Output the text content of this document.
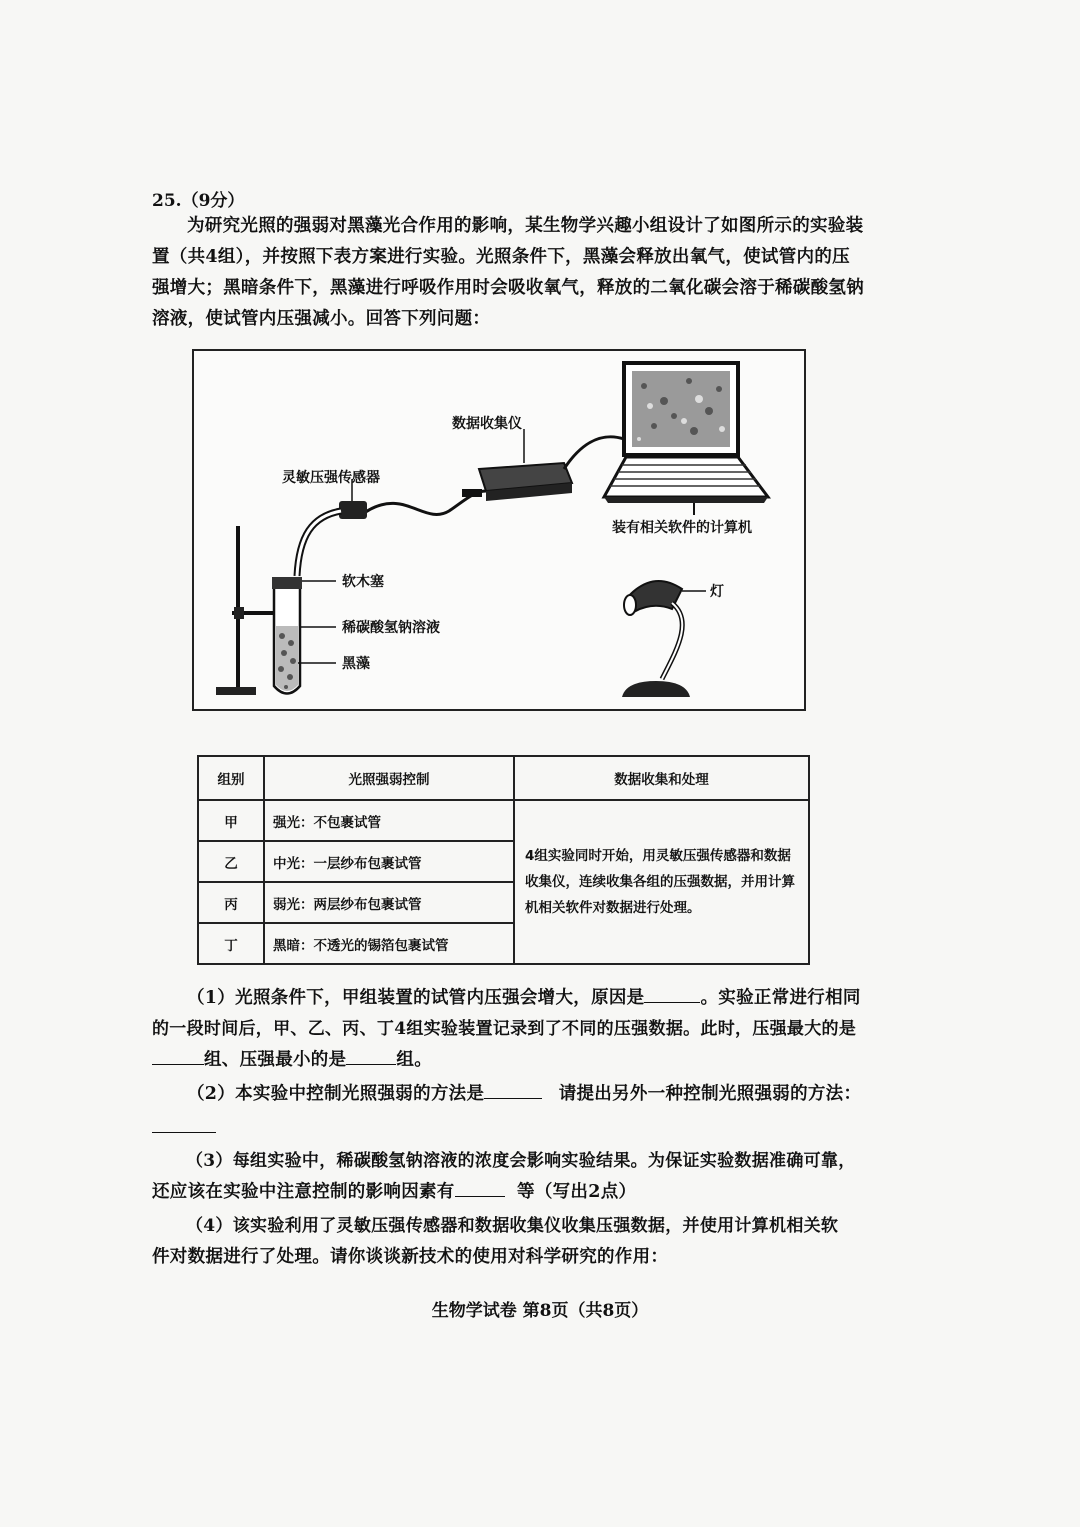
25.（9分）
为研究光照的强弱对黑藻光合作用的影响，某生物学兴趣小组设计了如图所示的实验装
置（共4组），并按照下表方案进行实验。光照条件下，黑藻会释放出氧气，使试管内的压
强增大；黑暗条件下，黑藻进行呼吸作用时会吸收氧气，释放的二氧化碳会溶于稀碳酸氢钠
溶液，使试管内压强减小。回答下列问题：
数据收集仪
灵敏压强传感器
装有相关软件的计算机
软木塞
稀碳酸氢钠溶液
黑藻
灯
组别	光照强弱控制	数据收集和处理
甲	强光：不包裹试管	4组实验同时开始，用灵敏压强传感器和数据收集仪，连续收集各组的压强数据，并用计算机相关软件对数据进行处理。
乙	中光：一层纱布包裹试管	
丙	弱光：两层纱布包裹试管	
丁	黑暗：不透光的锡箔包裹试管	
（1）光照条件下，甲组装置的试管内压强会增大，原因是	。实验正常进行相同
的一段时间后，甲、乙、丙、丁4组实验装置记录到了不同的压强数据。此时，压强最大的是
组、压强最小的是	组。
（2）本实验中控制光照强弱的方法是	请提出另外一种控制光照强弱的方法：
（3）每组实验中，稀碳酸氢钠溶液的浓度会影响实验结果。为保证实验数据准确可靠，
还应该在实验中注意控制的影响因素有	等（写出2点）
（4）该实验利用了灵敏压强传感器和数据收集仪收集压强数据，并使用计算机相关软
件对数据进行了处理。请你谈谈新技术的使用对科学研究的作用：
生物学试卷 第8页（共8页）
